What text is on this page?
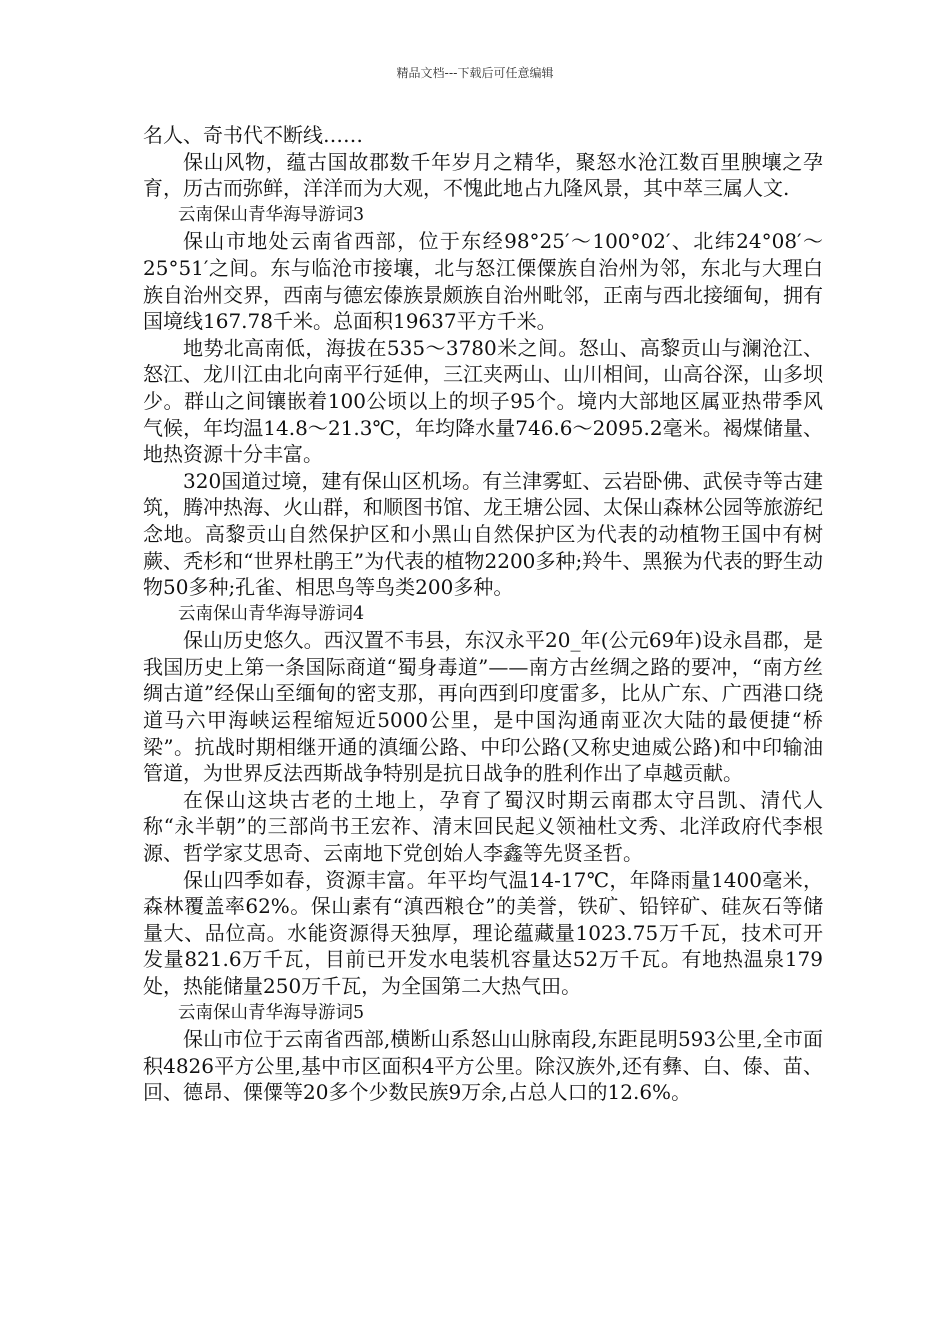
精品文档---下载后可任意编辑

名人、奇书代不断线……

保山风物，蕴古国故郡数千年岁月之精华，聚怒水沧江数百里腴壤之孕育，历古而弥鲜，洋洋而为大观，不愧此地占九隆风景，其中萃三属人文.

云南保山青华海导游词3

保山市地处云南省西部，位于东经98°25′～100°02′、北纬24°08′～25°51′之间。东与临沧市接壤，北与怒江傈僳族自治州为邻，东北与大理白族自治州交界，西南与德宏傣族景颇族自治州毗邻，正南与西北接缅甸，拥有国境线167.78千米。总面积19637平方千米。

地势北高南低，海拔在535～3780米之间。怒山、高黎贡山与澜沧江、怒江、龙川江由北向南平行延伸，三江夹两山、山川相间，山高谷深，山多坝少。群山之间镶嵌着100公顷以上的坝子95个。境内大部地区属亚热带季风气候，年均温14.8～21.3℃，年均降水量746.6～2095.2毫米。褐煤储量、地热资源十分丰富。

320国道过境，建有保山区机场。有兰津雾虹、云岩卧佛、武侯寺等古建筑，腾冲热海、火山群，和顺图书馆、龙王塘公园、太保山森林公园等旅游纪念地。高黎贡山自然保护区和小黑山自然保护区为代表的动植物王国中有树蕨、秃杉和“世界杜鹃王”为代表的植物2200多种;羚牛、黑猴为代表的野生动物50多种;孔雀、相思鸟等鸟类200多种。

云南保山青华海导游词4

保山历史悠久。西汉置不韦县，东汉永平20_年(公元69年)设永昌郡，是我国历史上第一条国际商道“蜀身毒道”——南方古丝绸之路的要冲，“南方丝绸古道”经保山至缅甸的密支那，再向西到印度雷多，比从广东、广西港口绕道马六甲海峡运程缩短近5000公里，是中国沟通南亚次大陆的最便捷“桥梁”。抗战时期相继开通的滇缅公路、中印公路(又称史迪威公路)和中印输油管道，为世界反法西斯战争特别是抗日战争的胜利作出了卓越贡献。

在保山这块古老的土地上，孕育了蜀汉时期云南郡太守吕凯、清代人称“永半朝”的三部尚书王宏祚、清末回民起义领袖杜文秀、北洋政府代李根源、哲学家艾思奇、云南地下党创始人李鑫等先贤圣哲。

保山四季如春，资源丰富。年平均气温14-17℃，年降雨量1400毫米，森林覆盖率62%。保山素有“滇西粮仓”的美誉，铁矿、铅锌矿、硅灰石等储量大、品位高。水能资源得天独厚，理论蕴藏量1023.75万千瓦，技术可开发量821.6万千瓦，目前已开发水电装机容量达52万千瓦。有地热温泉179处，热能储量250万千瓦，为全国第二大热气田。

云南保山青华海导游词5

保山市位于云南省西部,横断山系怒山山脉南段,东距昆明593公里,全市面积4826平方公里,基中市区面积4平方公里。除汉族外,还有彝、白、傣、苗、回、德昂、傈僳等20多个少数民族9万余,占总人口的12.6%。
